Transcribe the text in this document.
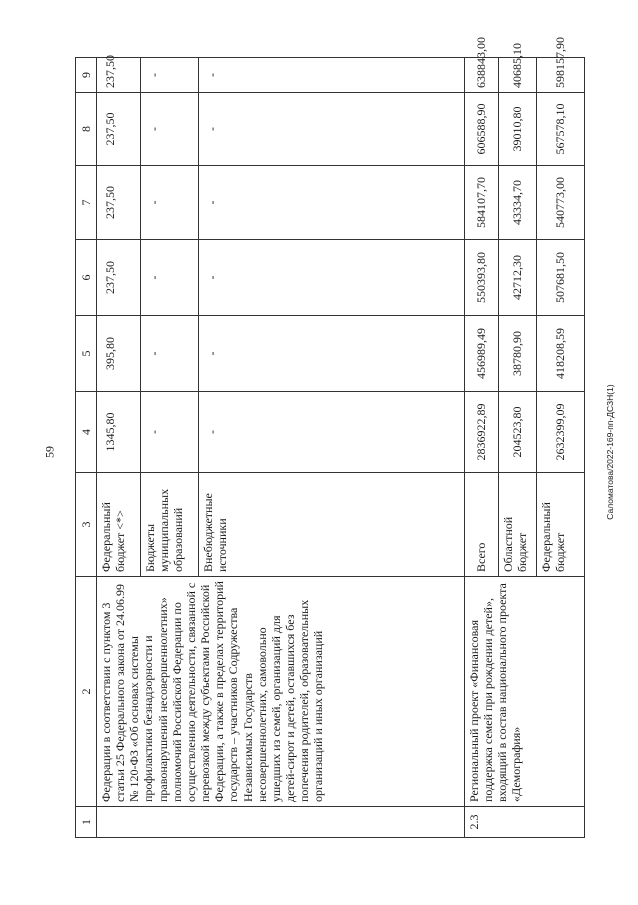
59	Саломатова/2022-169-пп-ДСЗН(1)
1	2	3	4	5	6	7	8	9
	Федерации в соответствии с пунктом 3 статьи 25 Федерального закона от 24.06.99 № 120-ФЗ «Об основах системы профилактики безнадзорности и правонарушений несовершеннолетних» полномочий Российской Федерации по осуществлению деятельности, связанной с перевозкой между субъектами Российской Федерации, а также в пределах территорий государств – участников Содружества Независимых Государств несовершеннолетних, самовольно ушедших из семей, организаций для детей-сирот и детей, оставшихся без попечения родителей, образовательных организаций и иных организаций	Федеральный бюджет <*>	1345,80	395,80	237,50	237,50	237,50	237,50
		Бюджеты муниципальных образований	-	-	-	-	-	-
		Внебюджетные источники	-	-	-	-	-	-

2.3	Региональный проект «Финансовая поддержка семей при рождении детей», входящий в состав национального проекта «Демография»	Всего	2836922,89	456989,49	550393,80	584107,70	606588,90	638843,00
		Областной бюджет	204523,80	38780,90	42712,30	43334,70	39010,80	40685,10
		Федеральный бюджет	2632399,09	418208,59	507681,50	540773,00	567578,10	598157,90
